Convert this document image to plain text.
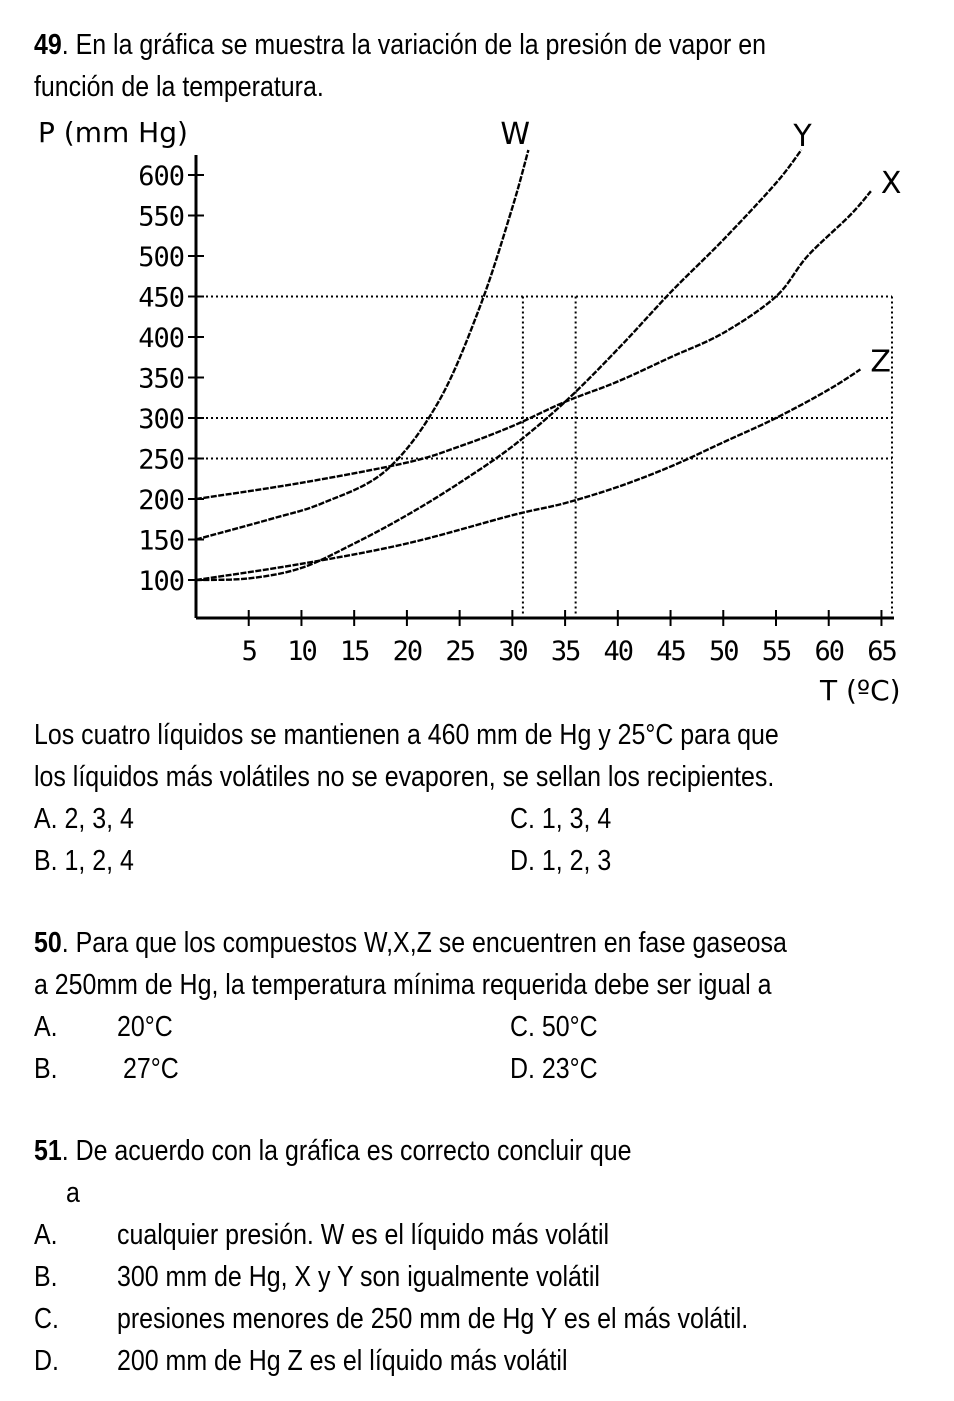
49. En la gráfica se muestra la variación de la presión de vapor en
función de la temperatura.
600
550
500
450
400
350
300
250
200
150
100
5 10 15 20 25 30 35 40 45 50 55 60 65
P (mm Hg)
T (ºC)
W	Y
X
Z
Los cuatro líquidos se mantienen a 460 mm de Hg y 25°C para que
los líquidos más volátiles no se evaporen, se sellan los recipientes.
A. 2, 3, 4	C. 1, 3, 4
B. 1, 2, 4	D. 1, 2, 3
50. Para que los compuestos W,X,Z se encuentren en fase gaseosa
a 250mm de Hg, la temperatura mínima requerida debe ser igual a
A. 20°C	C. 50°C
B. 27°C	D. 23°C
51. De acuerdo con la gráfica es correcto concluir que
a
A. cualquier presión. W es el líquido más volátil
B. 300 mm de Hg, X y Y son igualmente volátil
C. presiones menores de 250 mm de Hg Y es el más volátil.
D. 200 mm de Hg Z es el líquido más volátil
